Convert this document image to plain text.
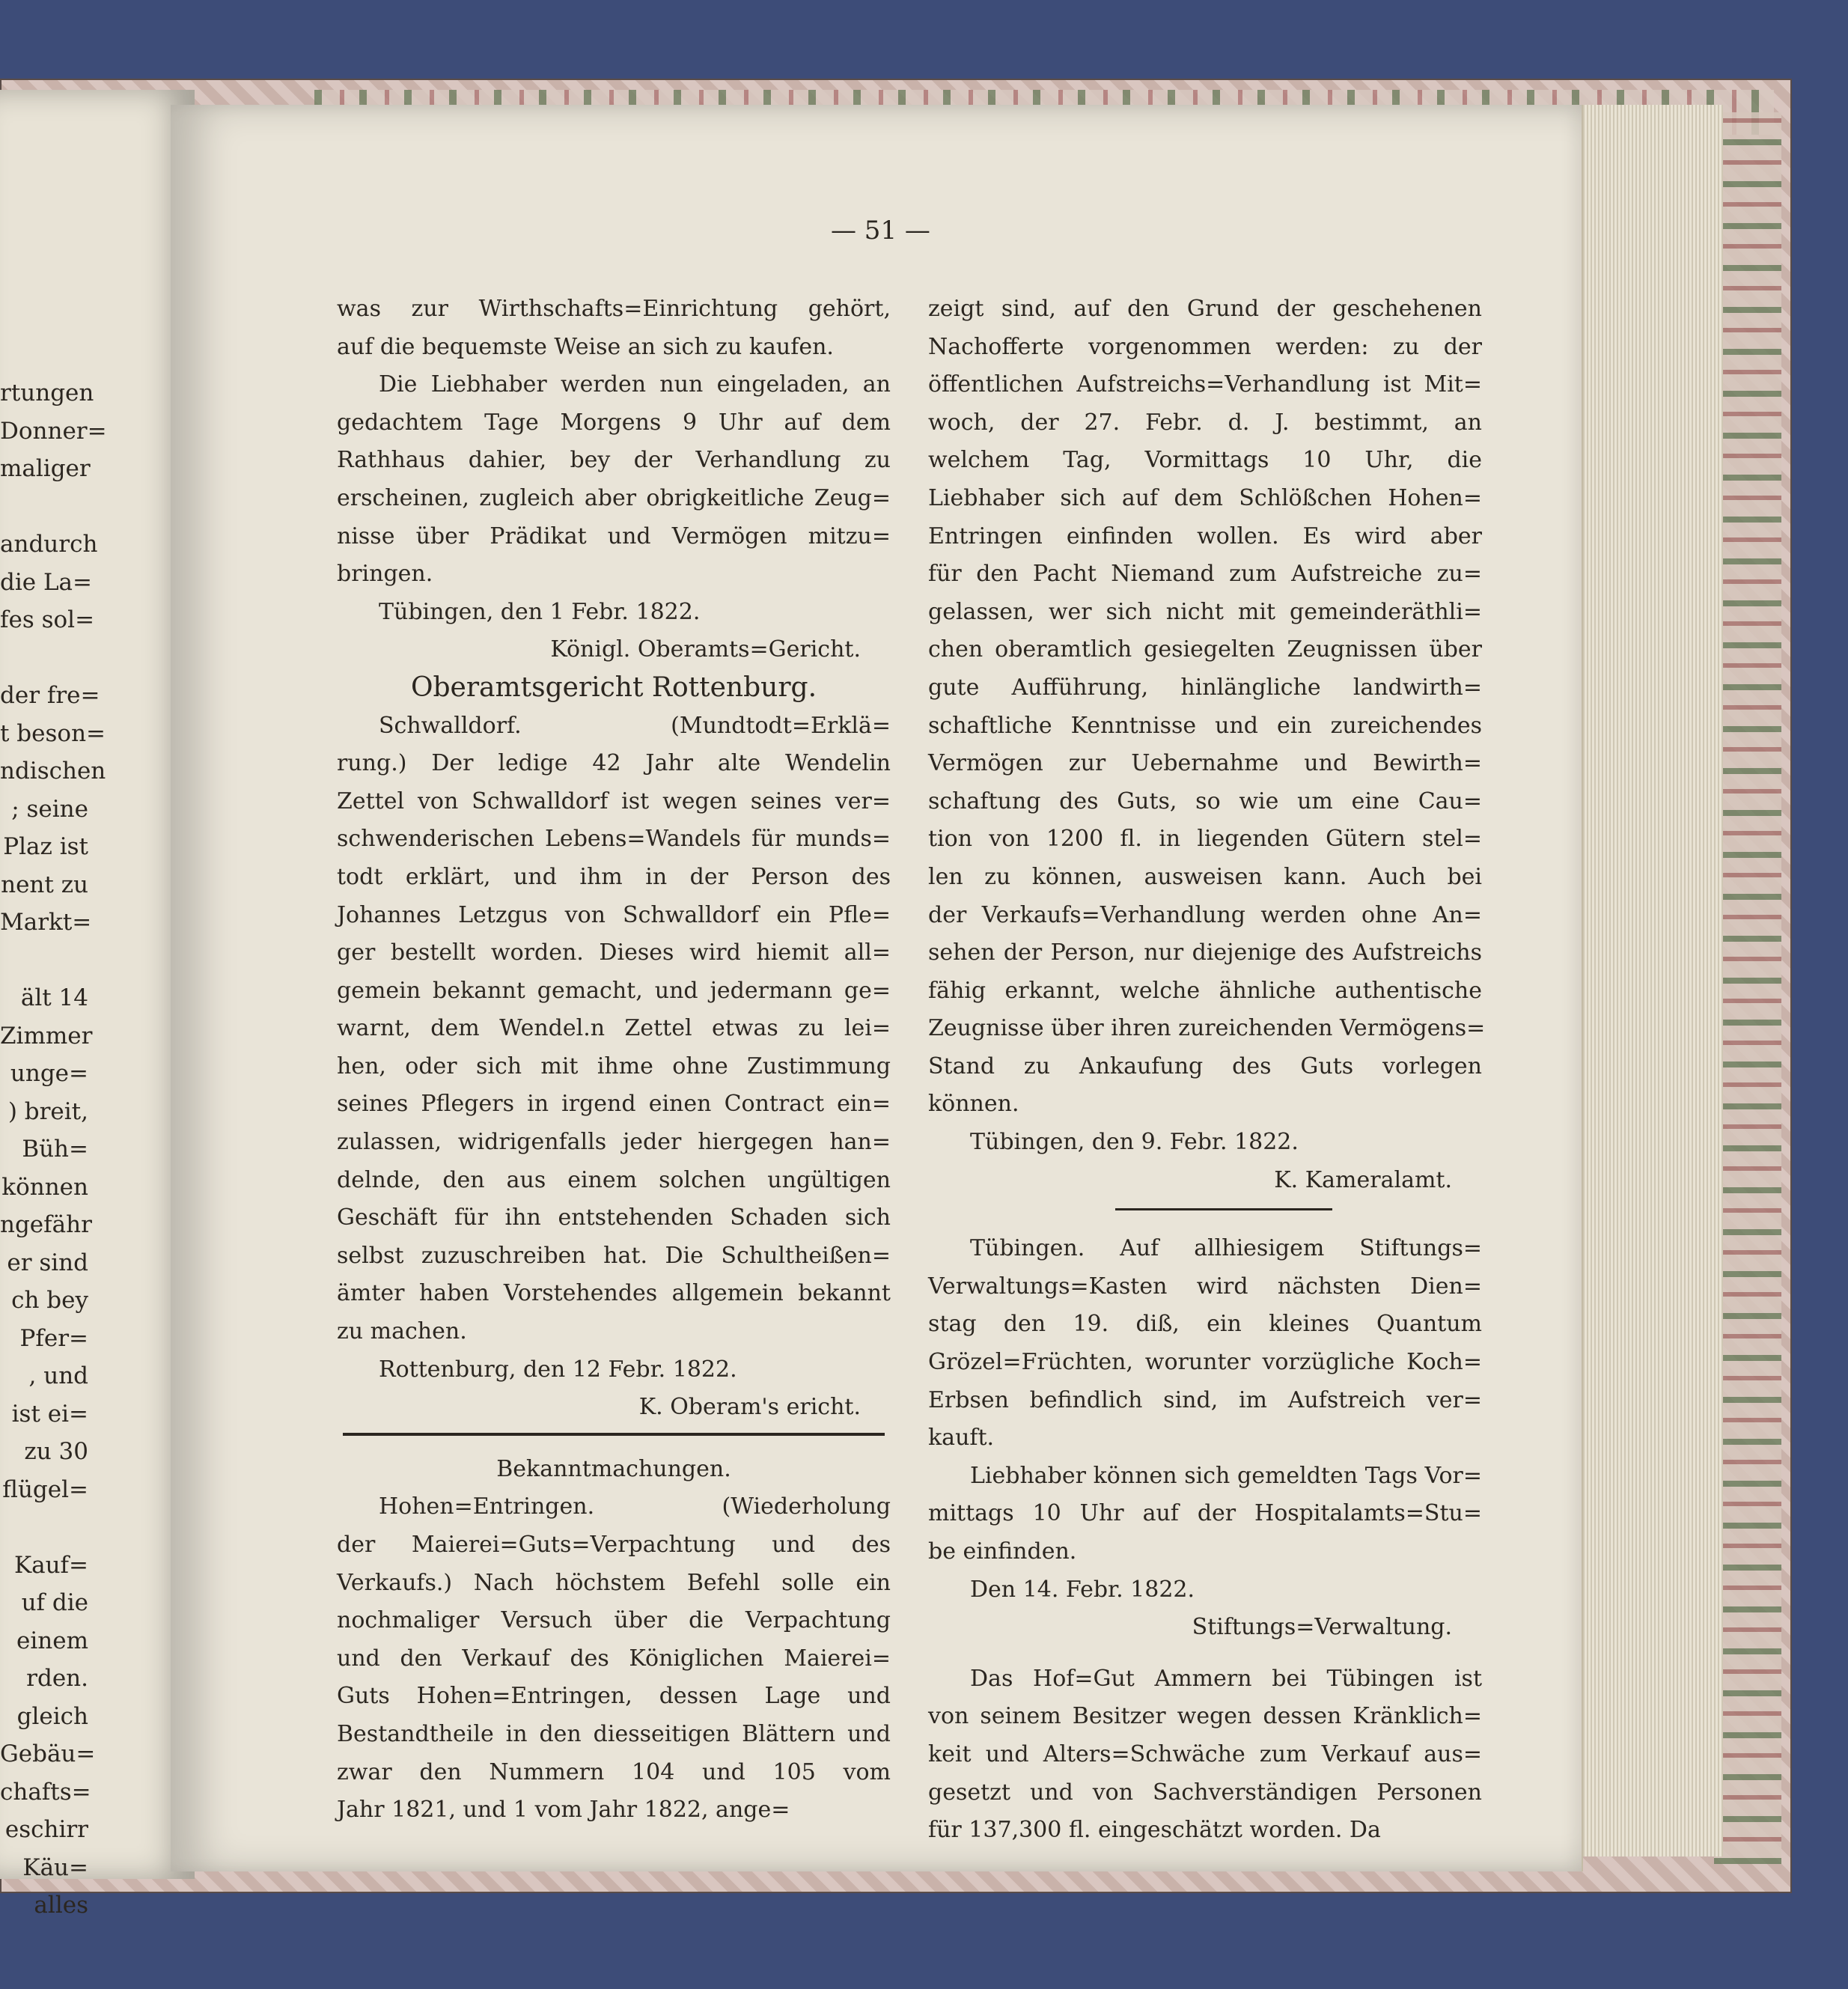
rtungen
Donner=
maliger
andurch
die La=
fes sol=
der fre=
t beson=
ndischen
; seine
Plaz ist
nent zu
Markt=
ält 14
Zimmer
unge=
) breit,
Büh=
können
ngefähr
er sind
ch bey
Pfer=
, und
ist ei=
zu 30
flügel=
Kauf=
uf die
einem
rden.
gleich
Gebäu=
chafts=
eschirr
Käu=
alles
— 51 —
was zur Wirthschafts=Einrichtung gehört,
auf die bequemste Weise an sich zu kaufen.
Die Liebhaber werden nun eingeladen, an
gedachtem Tage Morgens 9 Uhr auf dem
Rathhaus dahier, bey der Verhandlung zu
erscheinen, zugleich aber obrigkeitliche Zeug=
nisse über Prädikat und Vermögen mitzu=
bringen.
Tübingen, den 1 Febr. 1822.
Königl. Oberamts=Gericht.
Oberamtsgericht Rottenburg.
Schwalldorf. (Mundtodt=Erklä=
rung.) Der ledige 42 Jahr alte Wendelin
Zettel von Schwalldorf ist wegen seines ver=
schwenderischen Lebens=Wandels für munds=
todt erklärt, und ihm in der Person des
Johannes Letzgus von Schwalldorf ein Pfle=
ger bestellt worden. Dieses wird hiemit all=
gemein bekannt gemacht, und jedermann ge=
warnt, dem Wendel.n Zettel etwas zu lei=
hen, oder sich mit ihme ohne Zustimmung
seines Pflegers in irgend einen Contract ein=
zulassen, widrigenfalls jeder hiergegen han=
delnde, den aus einem solchen ungültigen
Geschäft für ihn entstehenden Schaden sich
selbst zuzuschreiben hat. Die Schultheißen=
ämter haben Vorstehendes allgemein bekannt
zu machen.
Rottenburg, den 12 Febr. 1822.
K. Oberam's ericht.
Bekanntmachungen.
Hohen=Entringen. (Wiederholung
der Maierei=Guts=Verpachtung und des
Verkaufs.) Nach höchstem Befehl solle ein
nochmaliger Versuch über die Verpachtung
und den Verkauf des Königlichen Maierei=
Guts Hohen=Entringen, dessen Lage und
Bestandtheile in den diesseitigen Blättern und
zwar den Nummern 104 und 105 vom
Jahr 1821, und 1 vom Jahr 1822, ange=
zeigt sind, auf den Grund der geschehenen
Nachofferte vorgenommen werden: zu der
öffentlichen Aufstreichs=Verhandlung ist Mit=
woch, der 27. Febr. d. J. bestimmt, an
welchem Tag, Vormittags 10 Uhr, die
Liebhaber sich auf dem Schlößchen Hohen=
Entringen einfinden wollen. Es wird aber
für den Pacht Niemand zum Aufstreiche zu=
gelassen, wer sich nicht mit gemeinderäthli=
chen oberamtlich gesiegelten Zeugnissen über
gute Aufführung, hinlängliche landwirth=
schaftliche Kenntnisse und ein zureichendes
Vermögen zur Uebernahme und Bewirth=
schaftung des Guts, so wie um eine Cau=
tion von 1200 fl. in liegenden Gütern stel=
len zu können, ausweisen kann. Auch bei
der Verkaufs=Verhandlung werden ohne An=
sehen der Person, nur diejenige des Aufstreichs
fähig erkannt, welche ähnliche authentische
Zeugnisse über ihren zureichenden Vermögens=
Stand zu Ankaufung des Guts vorlegen
können.
Tübingen, den 9. Febr. 1822.
K. Kameralamt.
Tübingen. Auf allhiesigem Stiftungs=
Verwaltungs=Kasten wird nächsten Dien=
stag den 19. diß, ein kleines Quantum
Grözel=Früchten, worunter vorzügliche Koch=
Erbsen befindlich sind, im Aufstreich ver=
kauft.
Liebhaber können sich gemeldten Tags Vor=
mittags 10 Uhr auf der Hospitalamts=Stu=
be einfinden.
Den 14. Febr. 1822.
Stiftungs=Verwaltung.
Das Hof=Gut Ammern bei Tübingen ist
von seinem Besitzer wegen dessen Kränklich=
keit und Alters=Schwäche zum Verkauf aus=
gesetzt und von Sachverständigen Personen
für 137,300 fl. eingeschätzt worden. Da
